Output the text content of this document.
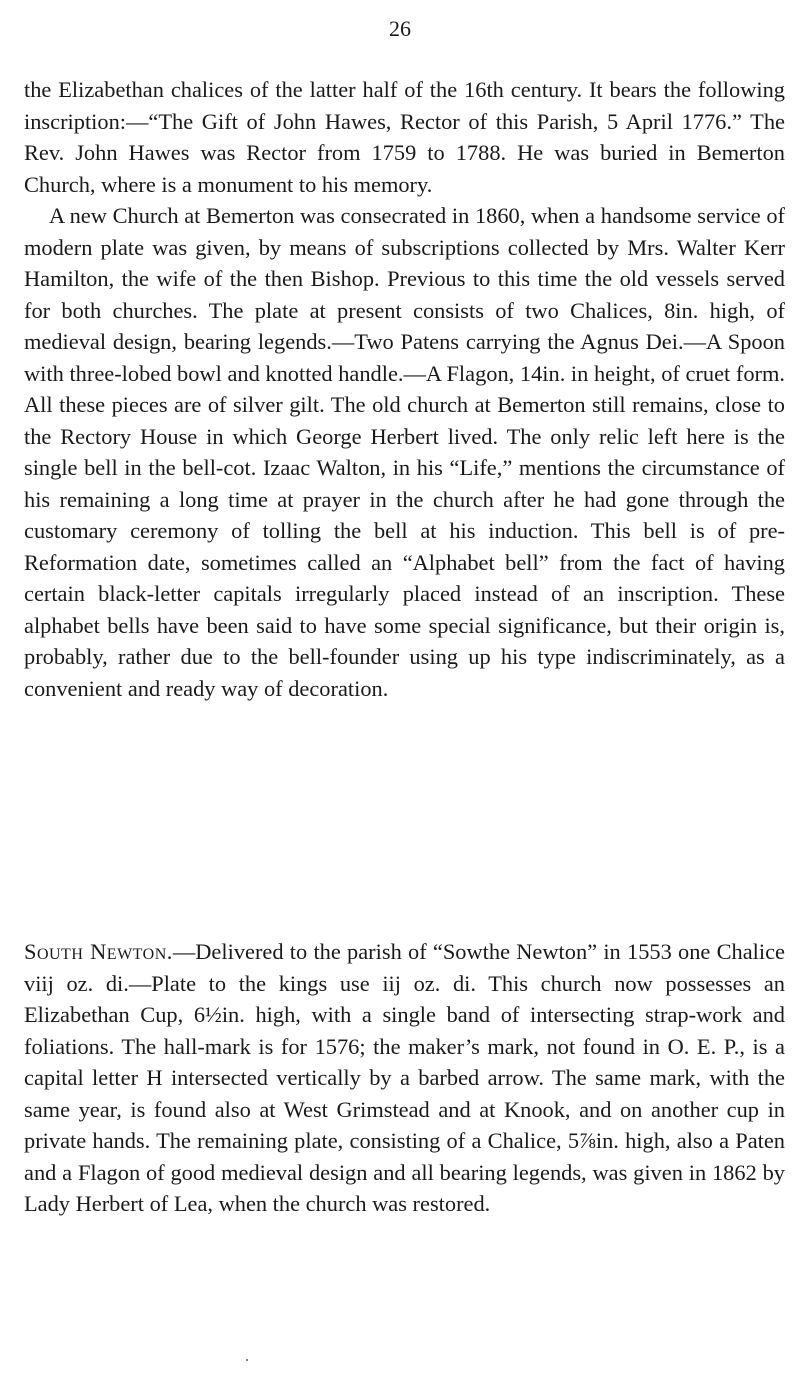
26

the Elizabethan chalices of the latter half of the 16th century. It bears the following inscription:—“The Gift of John Hawes, Rector of this Parish, 5 April 1776.” The Rev. John Hawes was Rector from 1759 to 1788. He was buried in Bemerton Church, where is a monument to his memory.

A new Church at Bemerton was consecrated in 1860, when a handsome service of modern plate was given, by means of subscriptions collected by Mrs. Walter Kerr Hamilton, the wife of the then Bishop. Previous to this time the old vessels served for both churches. The plate at present consists of two Chalices, 8in. high, of medieval design, bearing legends.—Two Patens carrying the Agnus Dei.—A Spoon with three-lobed bowl and knotted handle.—A Flagon, 14in. in height, of cruet form. All these pieces are of silver gilt. The old church at Bemerton still remains, close to the Rectory House in which George Herbert lived. The only relic left here is the single bell in the bell-cot. Izaac Walton, in his “Life,” mentions the circumstance of his remaining a long time at prayer in the church after he had gone through the customary ceremony of tolling the bell at his induction. This bell is of pre-Reformation date, sometimes called an “Alphabet bell” from the fact of having certain black-letter capitals irregularly placed instead of an inscription. These alphabet bells have been said to have some special significance, but their origin is, probably, rather due to the bell-founder using up his type indiscriminately, as a convenient and ready way of decoration.

South Newton.—Delivered to the parish of “Sowthe Newton” in 1553 one Chalice viij oz. di.—Plate to the kings use iij oz. di. This church now possesses an Elizabethan Cup, 6½in. high, with a single band of intersecting strap-work and foliations. The hall-mark is for 1576; the maker’s mark, not found in O. E. P., is a capital letter H intersected vertically by a barbed arrow. The same mark, with the same year, is found also at West Grimstead and at Knook, and on another cup in private hands. The remaining plate, consisting of a Chalice, 5⅞in. high, also a Paten and a Flagon of good medieval design and all bearing legends, was given in 1862 by Lady Herbert of Lea, when the church was restored.
